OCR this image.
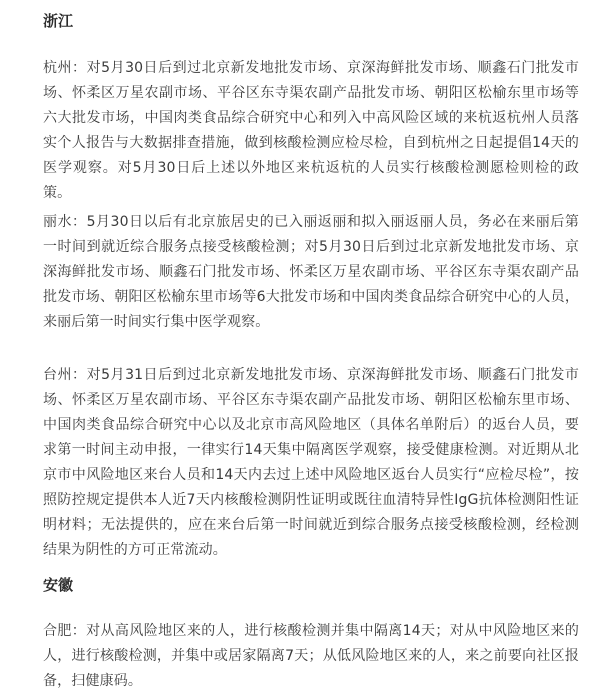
浙江
杭州：对5月30日后到过北京新发地批发市场、京深海鲜批发市场、顺鑫石门批发市场、怀柔区万星农副市场、平谷区东寺渠农副产品批发市场、朝阳区松榆东里市场等六大批发市场，中国肉类食品综合研究中心和列入中高风险区域的来杭返杭州人员落实个人报告与大数据排查措施，做到核酸检测应检尽检，自到杭州之日起提倡14天的医学观察。对5月30日后上述以外地区来杭返杭的人员实行核酸检测愿检则检的政策。
丽水：5月30日以后有北京旅居史的已入丽返丽和拟入丽返丽人员，务必在来丽后第一时间到就近综合服务点接受核酸检测；对5月30日后到过北京新发地批发市场、京深海鲜批发市场、顺鑫石门批发市场、怀柔区万星农副市场、平谷区东寺渠农副产品批发市场、朝阳区松榆东里市场等6大批发市场和中国肉类食品综合研究中心的人员，来丽后第一时间实行集中医学观察。
台州：对5月31日后到过北京新发地批发市场、京深海鲜批发市场、顺鑫石门批发市场、怀柔区万星农副市场、平谷区东寺渠农副产品批发市场、朝阳区松榆东里市场、中国肉类食品综合研究中心以及北京市高风险地区（具体名单附后）的返台人员，要求第一时间主动申报，一律实行14天集中隔离医学观察，接受健康检测。对近期从北京市中风险地区来台人员和14天内去过上述中风险地区返台人员实行“应检尽检”，按照防控规定提供本人近7天内核酸检测阴性证明或既往血清特异性IgG抗体检测阳性证明材料；无法提供的，应在来台后第一时间就近到综合服务点接受核酸检测，经检测结果为阴性的方可正常流动。
安徽
合肥：对从高风险地区来的人，进行核酸检测并集中隔离14天；对从中风险地区来的人，进行核酸检测，并集中或居家隔离7天；从低风险地区来的人，来之前要向社区报备，扫健康码。
